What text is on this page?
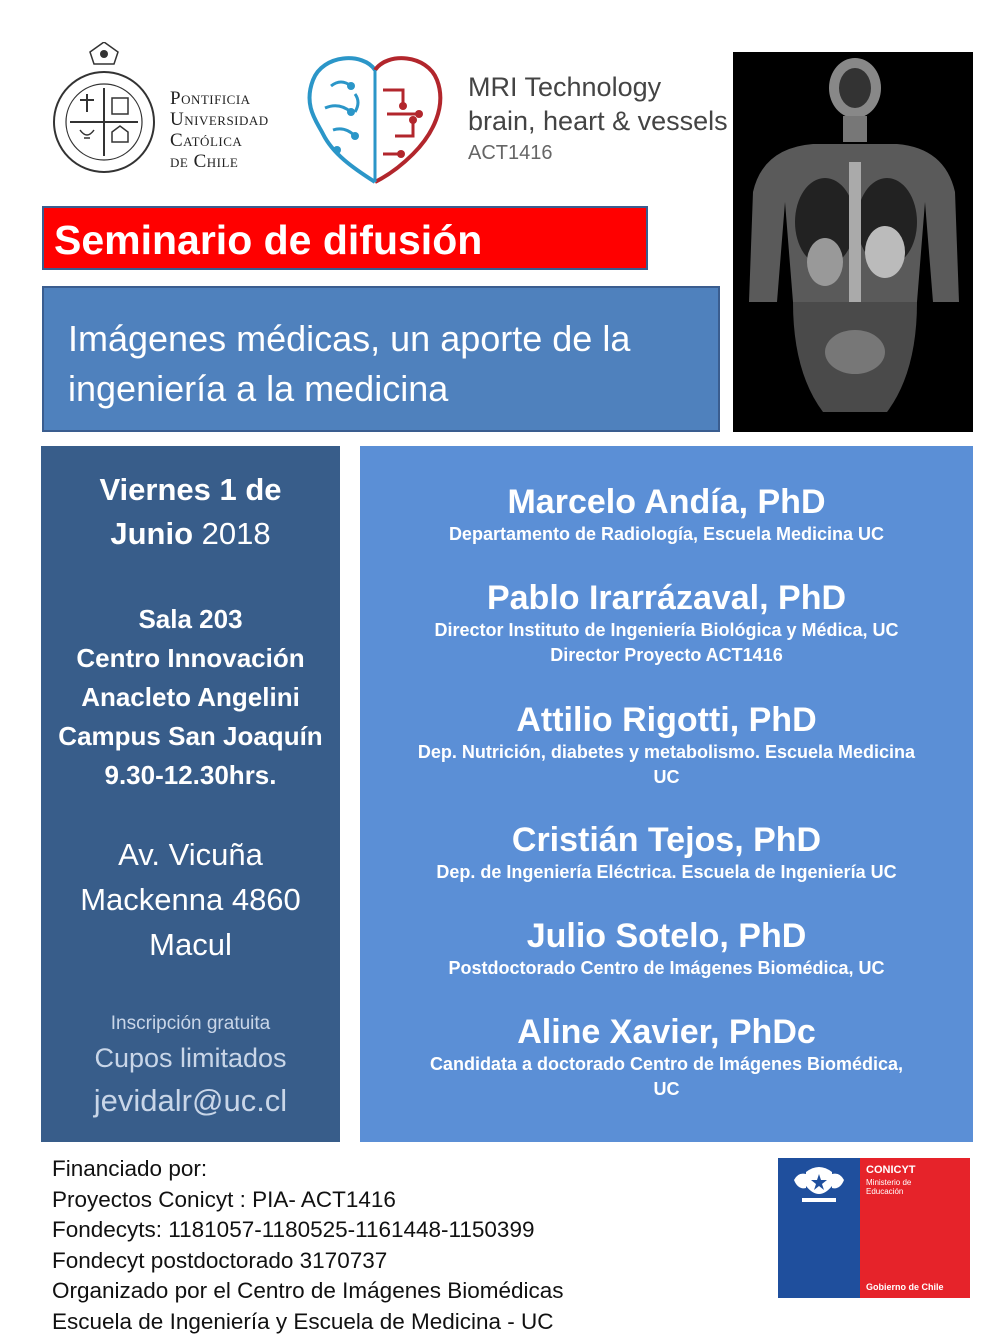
Pontificia
Universidad
Católica
de Chile
MRI Technology
brain, heart & vessels
ACT1416
Seminario de difusión
Imágenes médicas, un aporte de la ingeniería a la medicina
Viernes 1 de
Junio 2018
Sala 203
Centro Innovación
Anacleto Angelini
Campus San Joaquín
9.30-12.30hrs.
Av. Vicuña
Mackenna 4860
Macul
Inscripción gratuita
Cupos limitados
jevidalr@uc.cl
Marcelo Andía, PhD
Departamento de Radiología, Escuela Medicina UC
Pablo Irarrázaval, PhD
Director Instituto de Ingeniería Biológica y Médica, UC
Director Proyecto ACT1416
Attilio Rigotti, PhD
Dep. Nutrición, diabetes y metabolismo. Escuela Medicina
UC
Cristián Tejos, PhD
Dep. de Ingeniería Eléctrica. Escuela de Ingeniería UC
Julio Sotelo, PhD
Postdoctorado Centro de Imágenes Biomédica, UC
Aline Xavier, PhDc
Candidata a doctorado Centro de Imágenes Biomédica,
UC
Financiado por:
Proyectos Conicyt : PIA- ACT1416
Fondecyts: 1181057-1180525-1161448-1150399
Fondecyt postdoctorado 3170737
Organizado por el Centro de Imágenes Biomédicas
Escuela de Ingeniería y Escuela de Medicina - UC
CONICYT
Ministerio de
Educación
Gobierno de Chile
